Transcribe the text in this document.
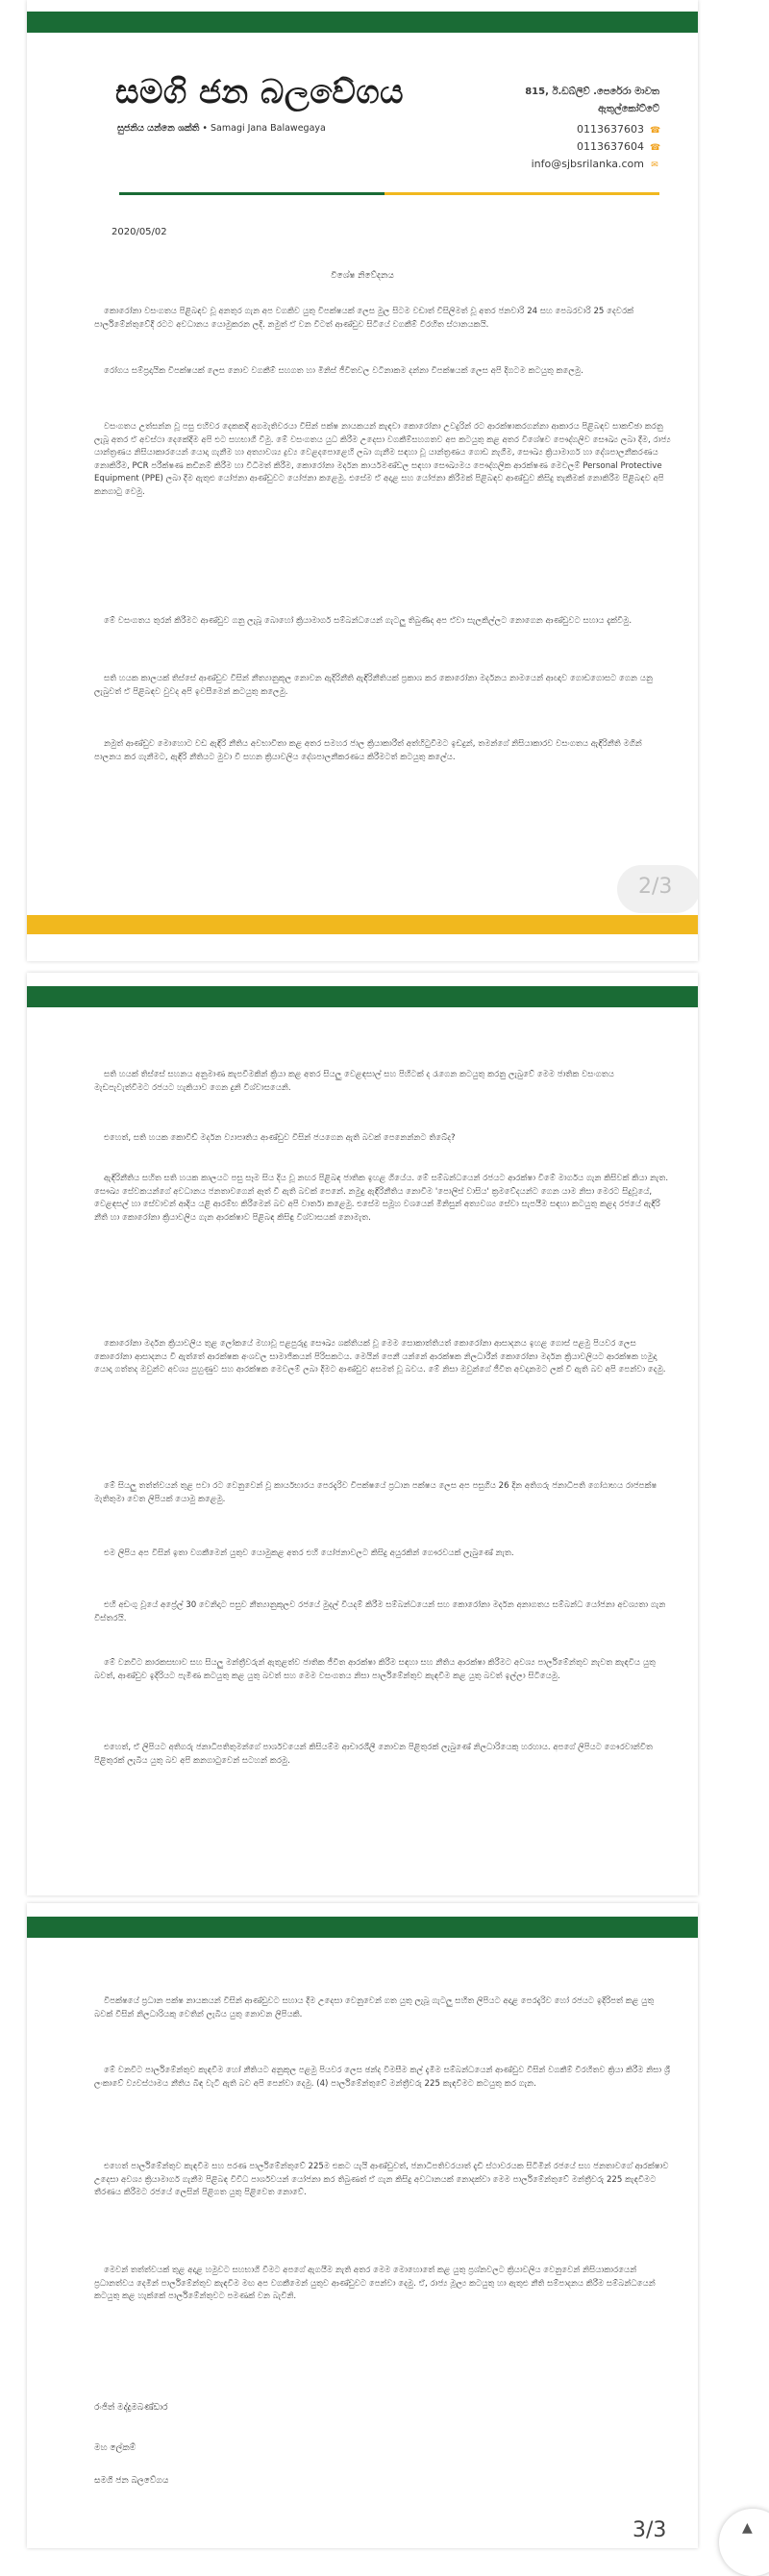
සමගි ජන බලවේගය
සුජනිය යන්නෙ ශක්ති • Samagi Jana Balawegaya
815, ඊ.ඩබ්ලිව් .පෙරේරා මාවත
ඇතුල්කෝට්ටේ
0113637603 ☎
0113637604 ☎
info@sjbsrilanka.com ✉
2020/05/02
විශේෂ නිවේදනය

කොරෝනා වසංගතය පිළිබඳව වූ අනතුර ගැන අප වගකිව යුතු විපක්ෂයක් ලෙස මුල සිටම වඩාත් විසිලිමත් වූ අතර ජනවාරි 24 සහ පෙබරවාරි 25 දෙවරක් පාර්ලිමේන්තුවේදී රටට අවධානය යොමුකරන ලදි. නමුත් ඒ වන විටත් ආණ්ඩුව සිටියේ වගකීම් විරහිත ස්ථානයකයි.

රෝගය සම්ප්‍රදායික විපක්ෂයක් ලෙස නොව වගකීම් සහගත හා මිනිස් ජීවිතවල වටිනාකම දන්නා විපක්ෂයක් ලෙස අපි දිගටම කටයුතු කලෙමු.

වසංගතය උත්සන්න වූ පසු එහිවර දෙකකදී අගමැතිවරයා විසින් පක්ෂ නායකයන් කැඳවා කොරෝනා උවදුරින් රට ආරක්ෂාකරගන්නා ආකාරය පිළිබඳව සාකච්ඡා කරනු ලැබූ අතර ඒ අවස්ථා දෙකේදීම අපි එට සහභාගී වීමු. මේ වසංගතය යුධ කිරීම උදෙසා වගකීම්සහගතව අප කටයුතු කළ අතර විශේෂව පෞද්ගලිව සෞඛ්‍ය ලබා දීම, රාජ්‍ය යාන්ත්‍රණය නිසියාකාරයෙන් යොදා ගැනීම හා අත්‍යාවශ්‍ය ද්‍රව්‍ය වෙළදපොළෙහි ලබා ගැනීම සඳහා වූ යාන්ත්‍රණය ගොඩ නැගීම, සෞඛ්‍ය ක්‍රියාමාර්ග හා දේශපාලනීකරණය නොකිරීම, PCR පරීක්ෂණ කඩිනම් කිරීම හා විධිමත් කිරීම, කොරෝනා මර්දන කාර්යමණ්ඩල සඳහා සෞඛ්‍යමය පෞද්ගලික ආරක්ෂණ මෙවලම් Personal Protective Equipment (PPE) ලබා දීම ඇතුළු යෝජනා ආණ්ඩුවට යෝජනා කළෙමු. එසේම ඒ අදාළ සහ යෝජනා කිරීමක් පිළිබඳව ආණ්ඩුව කිසිදු තැකීමක් නොකිරීම පිළිබඳව අපි කනගාටු වෙමු.

මේ වසංගතය තුරන් කිරීමට ආණ්ඩුව ගනු ලැබූ බොහෝ ක්‍රියාමාර්ග සම්බන්ධයෙන් ගැටලු තිබුණිද අප ඒවා සැලකිල්ලට නොගෙන ආණ්ඩුවට සහාය දැක්වීමු.

සති හයක කාලයක් තිස්සේ ආණ්ඩුව විසින් නීත්‍යානුකූල නොවන ඇදිරිනීති ඇඳිරිනීතියක් ප්‍රකාශ කර කොරෝනා මර්දනය නාමයෙන් ආඥාව ගොඩගොසට ගෙන යනු ලැබුවත් ඒ පිළිබඳව වුවද අපි ඉවසීමෙන් කටයුතු කලෙමු.

නමුත් ආණ්ඩුව මොහොට වඩ ඇඳිරි නීතිය අවභාවිතා කළ අතර සමහර ජාල ක්‍රියාකාරීත් අත්හිටුවීමට ඉඩදුන්, තමන්ගේ නිසියාකාරව වසංගතය ඇඳිරිනීති මගින් පාලනය කර ගැනීමට, ඇඳිරි නීතියට මුවා වී සහන ක්‍රියාවලිය දේශපාලනීකරණය කිරීමටත් කටයුතු කලේය.

2/3

සති හයක් තිස්සේ සහනය අනුමාණ කැපවීමකින් ක්‍රියා කළ අතර සියලු වෙළඳසාල් සහ පිහිටක් ද රැගෙන කටයුතු කරනු ලැබුවේ මෙම ජාතික වසංගතය මැඩපැවැත්වීමට රජයට හැකියාව ගෙන දුනි විශ්වාසයෙනි.

එහෙත්, සති හයක කොවිඩ් මර්දන ව්‍යාපෘතිය ආණ්ඩුව විසින් ජයගෙන ඇති බවක් පෙනෙන්නට තිබේද?

ඇඳිරිනීතිය සහිත සති හයක කාලයට පසු සෑම සිය දිය වූ නඟර පිළිබඳ ජාතික ඉහළ ගියේය. මේ සම්බන්ධයෙන් රජයට ආරක්ෂා වීමේ මාර්ගය ගැන කිසිවක් කියා නැත. සෞඛ්‍ය සේවකයන්ගේ අවධානය ජනතාවගෙන් ඈත් වී ඇති බවක් පෙනේ. නමුදු ඇඳිරිනීතිය නොවීම 'පොලිස් වාසිය' ක්‍රමවේදයන්ට ගෙන යාම නිසා මෙරට සිදුවූයේ, වෙළඳසල් හා සේවාවන් ආදිය යළි ආරම්භ කිරීමෙන් බව අපි වාර්තා කළෙමු. එසේම සමූහ වශයෙන් මිනිසුන් අත්‍යවශ්‍ය සේවා සැපයීම සඳහා කටයුතු කළද රජයේ ඇඳිරි නීති හා කොරෝනා ක්‍රියාවලිය ගැන ආරක්ෂාව පිළිබඳ කිසිඳු විශ්වාසයක් නොමැත.

කොරෝනා මර්දන ක්‍රියාවලිය තුළ ලෝකයේ මහාවූ පළපුරුදු සෞඛ්‍ය ශක්තියක් වූ මෙම සොකාත්තියත් කොරෝනා ආසාදනය ඉහළ ගොස් පළමු පියවර ලෙස කොරෝනා ආසාදනය වී ඇත්තේ ආරක්ෂක අංශවල සාමාජිකයන් පිරිසකටය. මෙයින් පෙනී යන්නේ ආරක්ෂක නිලධාරීන් කොරෝනා මර්දන ක්‍රියාවලියට ආරක්ෂක හමුදා යොදා ගත්තද ඔවුන්ට අවශ්‍ය පුහුණුව සහ ආරක්ෂක මෙවලම් ලබා දීමට ආණ්ඩුව අසමත් වූ බවය. මේ නිසා ඔවුන්ගේ ජීවිත අවදානමට ලක් වී ඇති බව අපි පෙන්වා දෙමු.

මේ සියලු තත්ත්වයන් තුළ පවා රට වෙනුවෙන් වූ කාර්යභාරය පෙරදැරිව විපක්ෂයේ ප්‍රධාන පක්ෂය ලෙස අප පසුගිය 26 දින අතිගරු ජනාධිපති ගෝඨාභය රාජපක්ෂ මැතිතුමා වෙත ලිපියක් යොමු කළෙමු.

එම ලිපිය අප විසින් ඉතා වගකීමෙන් යුතුව යොමුකළ අතර එහි යෝජනාවලට කිසිදු අයුරකින් ගෞරවයක් ලැබුණේ නැත.

එහි අඩංගු වූයේ අප්‍රේල් 30 වෙනිදාට පසුව නීත්‍යානුකූලව රජයේ මුදල් වියදම් කිරීම සම්බන්ධයෙන් සහ කොරෝනා මර්දන අනාගතය සම්බන්ධ යෝජනා අවශ්‍යතා ගැන විස්තරයි.

මේ වනවිට කාරකසභාව සහ සියලු මන්ත්‍රීවරුන් ඇතුළත්ව ජාතික ජීවිත ආරක්ෂා කිරීම සඳහා සහ නීතිය ආරක්ෂා කිරීමට අවශ්‍ය පාර්ලිමේන්තුව නැවත කැඳවිය යුතු බවත්, ආණ්ඩුව ඉදිරියට පැමිණ කටයුතු කළ යුතු බවත් සහ මෙම වසංගතය නිසා පාර්ලිමේන්තුව කැඳවීම කළ යුතු බවත් ඉල්ලා සිටියෙමු.

එහෙත්, ඒ ලිපියට අතිගරු ජනාධිපතිතුමන්ගේ පාර්ශවයෙන් කිසියම්ම ආචාරශීලී නොවන පිළිතුරක් ලැබුණේ නිලධාරියෙකු හරහාය. අපගේ ලිපියට ගෞරවාන්විත පිළිතුරක් ලැබිය යුතු බව අපි කනගාටුවෙන් සටහන් කරමු.

විපක්ෂයේ ප්‍රධාන පක්ෂ නායකයන් විසින් ආණ්ඩුවට සහාය දීම උදෙසා වෙනුවෙන් ගත යුතු ලැබූ ගැටලු සහිත ලිපියට අදාළ පෙරදැරිව හෝ රජයට ඉදිරිපත් කළ යුතු බවක් විසින් නිලධාරියකු වෙතින් ලැබිය යුතු නොවන ලිපියකි.

මේ වනවිට පාර්ලිමේන්තුව කැඳවීම හෝ නීතියට අනුකූල පළමු පියවර ලෙස ඡන්ද විමසීම කල් දැමීම සම්බන්ධයෙන් ආණ්ඩුව විසින් වගකීම් විරහිතව ක්‍රියා කිරීම නිසා ශ්‍රී ලංකාවේ ව්‍යවස්ථාමය නීතිය බිඳ වැටී ඇති බව අපි පෙන්වා දෙමු. (4) පාර්ලිමේන්තුවේ මන්ත්‍රීවරු 225 කැඳවීමට කටයුතු කර ගැන.

එහෙත් පාර්ලිමේන්තුව කැඳවීම සහ පරණ පාර්ලිමේන්තුවේ 225ම එකට යැයි ආණ්ඩුවත්, ජනාධිපතිවරයාත් දැඩි ස්ථාවරයක සිටිමින් රජයේ සහ ජනතාවගේ ආරක්ෂාව උදෙසා අවශ්‍ය ක්‍රියාමාර්ග ගැනීම පිළිබඳ විවිධ පාර්ශවයන් යෝජනා කර තිබුණත් ඒ ගැන කිසිදු අවධානයක් නොදක්වා මෙම පාර්ලිමේන්තුවේ මන්ත්‍රීවරු 225 කැඳවීමට තීරණය කිරීමට රජයේ ලෙසින් පිළිගත යුතු පිළිවෙත නොවේ.

මෙවන් තත්ත්වයක් තුළ අදාළ හමුවට සහභාගි වීමට අපගේ ඇගයීම නැති අතර මෙම මොහොතේ කළ යුතු ප්‍රශ්නවලට ක්‍රියාවලිය වෙනුවෙන් නිසියාකාරයෙන් ප්‍රධානත්වය දෙමින් පාර්ලිමේන්තුව කැඳවීම මඟ අප වගකීමෙන් යුතුව ආණ්ඩුවට පෙන්වා දෙමු. ඒ, රාජ්‍ය මූල්‍ය කටයුතු හා ඇතුළු නීති සම්පාදනය කිරීම සම්බන්ධයෙන් කටයුතු කළ හැක්කේ පාර්ලිමේන්තුවට පමණක් වන බැවිනි.

රංජිත් මද්දුමබණ්ඩාර
මහ ලේකම්
සමගි ජන බලවේගය
3/3	▲
